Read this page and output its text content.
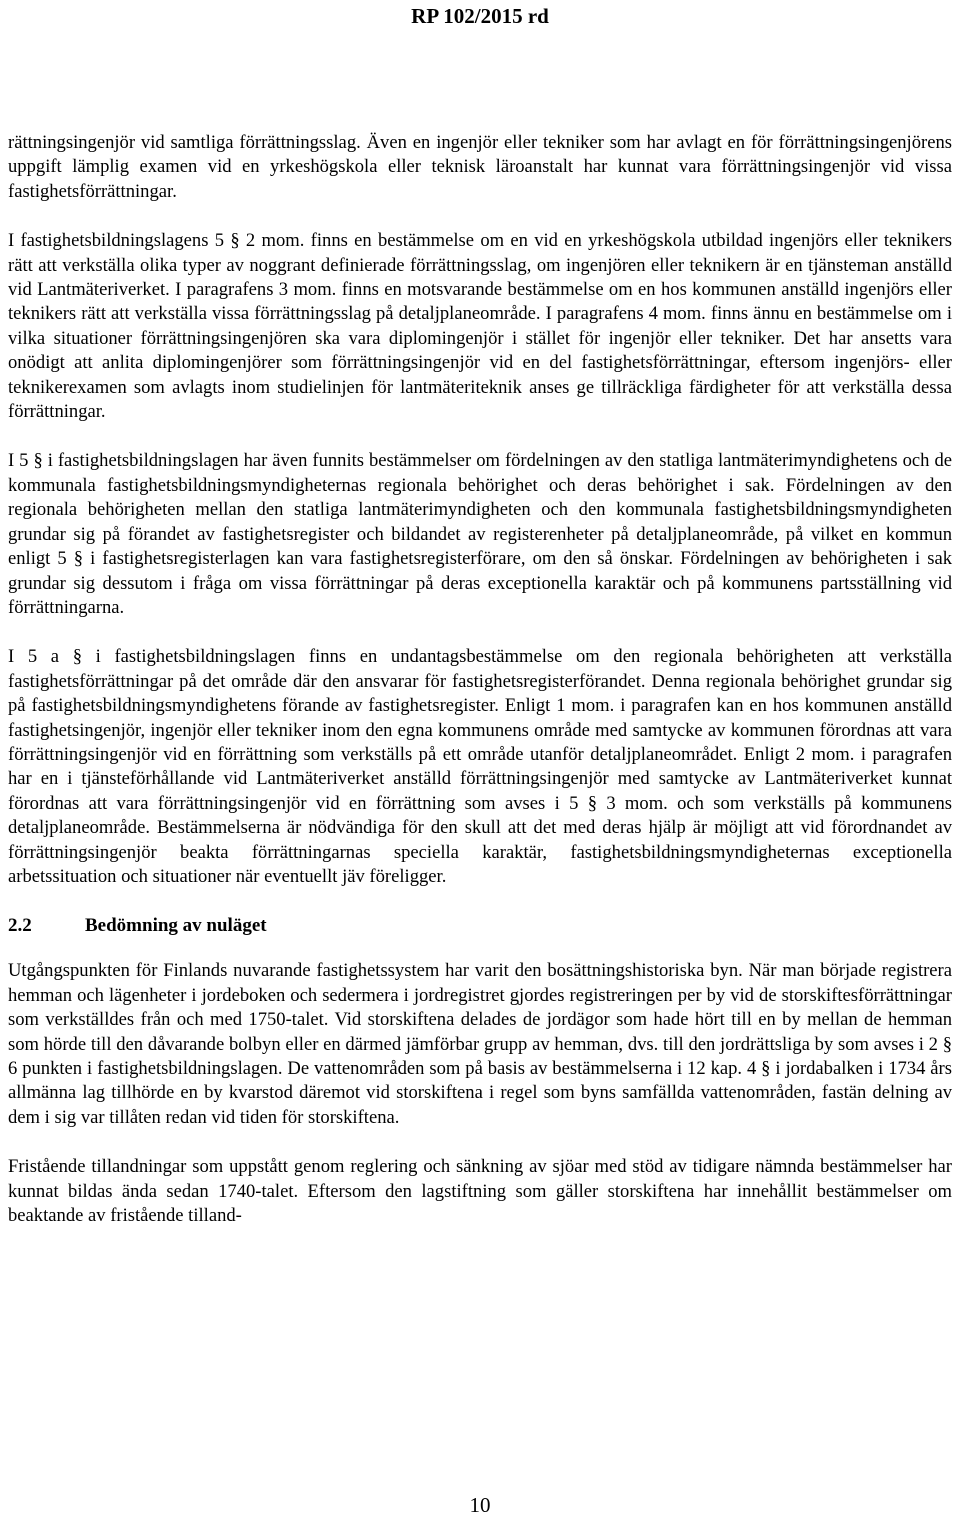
RP 102/2015 rd

rättningsingenjör vid samtliga förrättningsslag. Även en ingenjör eller tekniker som har avlagt en för förrättningsingenjörens uppgift lämplig examen vid en yrkeshögskola eller teknisk läroanstalt har kunnat vara förrättningsingenjör vid vissa fastighetsförrättningar.

I fastighetsbildningslagens 5 § 2 mom. finns en bestämmelse om en vid en yrkeshögskola utbildad ingenjörs eller teknikers rätt att verkställa olika typer av noggrant definierade förrättningsslag, om ingenjören eller teknikern är en tjänsteman anställd vid Lantmäteriverket. I paragrafens 3 mom. finns en motsvarande bestämmelse om en hos kommunen anställd ingenjörs eller teknikers rätt att verkställa vissa förrättningsslag på detaljplaneområde. I paragrafens 4 mom. finns ännu en bestämmelse om i vilka situationer förrättningsingenjören ska vara diplomingenjör i stället för ingenjör eller tekniker. Det har ansetts vara onödigt att anlita diplomingenjörer som förrättningsingenjör vid en del fastighetsförrättningar, eftersom ingenjörs- eller teknikerexamen som avlagts inom studielinjen för lantmäteriteknik anses ge tillräckliga färdigheter för att verkställa dessa förrättningar.

I 5 § i fastighetsbildningslagen har även funnits bestämmelser om fördelningen av den statliga lantmäterimyndighetens och de kommunala fastighetsbildningsmyndigheternas regionala behörighet och deras behörighet i sak. Fördelningen av den regionala behörigheten mellan den statliga lantmäterimyndigheten och den kommunala fastighetsbildningsmyndigheten grundar sig på förandet av fastighetsregister och bildandet av registerenheter på detaljplaneområde, på vilket en kommun enligt 5 § i fastighetsregisterlagen kan vara fastighetsregisterförare, om den så önskar. Fördelningen av behörigheten i sak grundar sig dessutom i fråga om vissa förrättningar på deras exceptionella karaktär och på kommunens partsställning vid förrättningarna.

I 5 a § i fastighetsbildningslagen finns en undantagsbestämmelse om den regionala behörigheten att verkställa fastighetsförrättningar på det område där den ansvarar för fastighetsregisterförandet. Denna regionala behörighet grundar sig på fastighetsbildningsmyndighetens förande av fastighetsregister. Enligt 1 mom. i paragrafen kan en hos kommunen anställd fastighetsingenjör, ingenjör eller tekniker inom den egna kommunens område med samtycke av kommunen förordnas att vara förrättningsingenjör vid en förrättning som verkställs på ett område utanför detaljplaneområdet. Enligt 2 mom. i paragrafen har en i tjänsteförhållande vid Lantmäteriverket anställd förrättningsingenjör med samtycke av Lantmäteriverket kunnat förordnas att vara förrättningsingenjör vid en förrättning som avses i 5 § 3 mom. och som verkställs på kommunens detaljplaneområde. Bestämmelserna är nödvändiga för den skull att det med deras hjälp är möjligt att vid förordnandet av förrättningsingenjör beakta förrättningarnas speciella karaktär, fastighetsbildningsmyndigheternas exceptionella arbetssituation och situationer när eventuellt jäv föreligger.

2.2	Bedömning av nuläget

Utgångspunkten för Finlands nuvarande fastighetssystem har varit den bosättningshistoriska byn. När man började registrera hemman och lägenheter i jordeboken och sedermera i jordregistret gjordes registreringen per by vid de storskiftesförrättningar som verkställdes från och med 1750-talet. Vid storskiftena delades de jordägor som hade hört till en by mellan de hemman som hörde till den dåvarande bolbyn eller en därmed jämförbar grupp av hemman, dvs. till den jordrättsliga by som avses i 2 § 6 punkten i fastighetsbildningslagen. De vattenområden som på basis av bestämmelserna i 12 kap. 4 § i jordabalken i 1734 års allmänna lag tillhörde en by kvarstod däremot vid storskiftena i regel som byns samfällda vattenområden, fastän delning av dem i sig var tillåten redan vid tiden för storskiftena.

Fristående tillandningar som uppstått genom reglering och sänkning av sjöar med stöd av tidigare nämnda bestämmelser har kunnat bildas ända sedan 1740-talet. Eftersom den lagstiftning som gäller storskiftena har innehållit bestämmelser om beaktande av fristående tilland-

10
